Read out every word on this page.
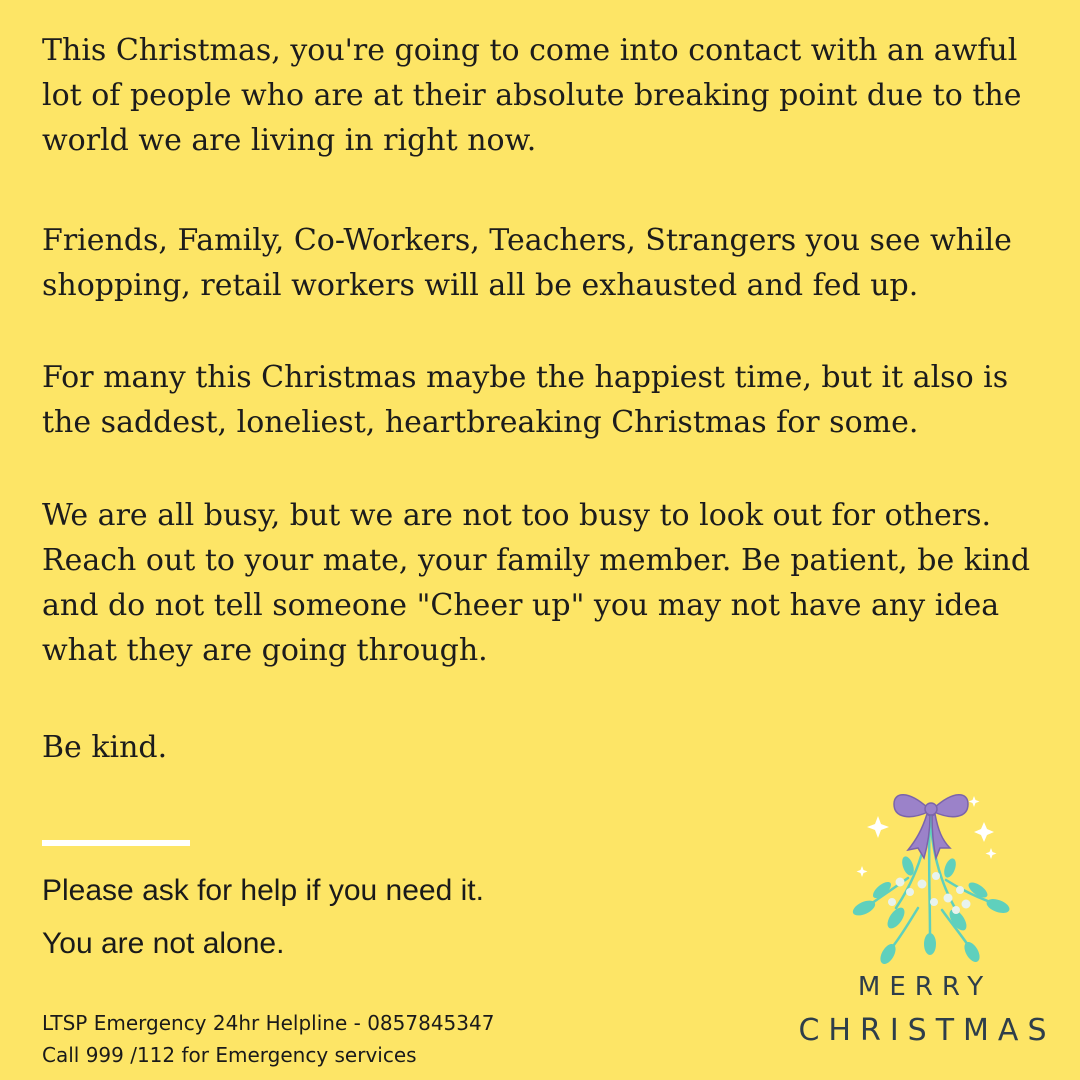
This Christmas, you're going to come into contact with an awful lot of people who are at their absolute breaking point due to the world we are living in right now.

Friends, Family, Co-Workers, Teachers, Strangers you see while shopping, retail workers will all be exhausted and fed up.

For many this Christmas maybe the happiest time, but it also is the saddest, loneliest, heartbreaking Christmas for some.

We are all busy, but we are not too busy to look out for others. Reach out to your mate, your family member. Be patient, be kind and do not tell someone "Cheer up" you may not have any idea what they are going through.

Be kind.

Please ask for help if you need it.

You are not alone.

LTSP Emergency 24hr Helpline - 0857845347

Call 999 /112 for Emergency services

MERRY

CHRISTMAS
